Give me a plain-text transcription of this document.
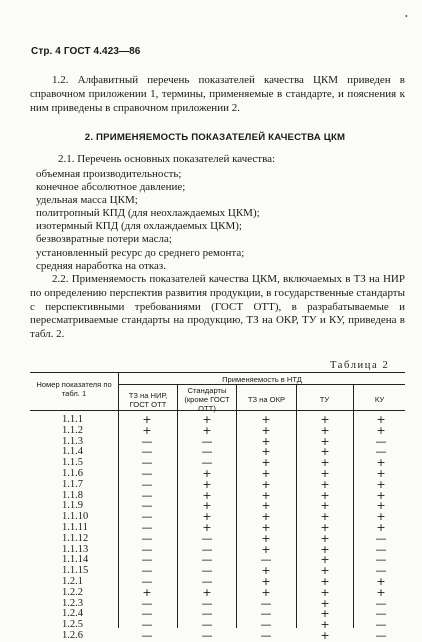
•
Стр. 4 ГОСТ 4.423—86

1.2. Алфавитный перечень показателей качества ЦКМ приведен в справочном приложении 1, термины, применяемые в стандарте, и пояснения к ним приведены в справочном приложении 2.

2. ПРИМЕНЯЕМОСТЬ ПОКАЗАТЕЛЕЙ КАЧЕСТВА ЦКМ

2.1. Перечень основных показателей качества:

объемная производительность;
конечное абсолютное давление;
удельная масса ЦКМ;
политропный КПД (для неохлаждаемых ЦКМ);
изотермный КПД (для охлаждаемых ЦКМ);
безвозвратные потери масла;
установленный ресурс до среднего ремонта;
средняя наработка на отказ.

2.2. Применяемость показателей качества ЦКМ, включаемых в ТЗ на НИР по определению перспектив развития продукции, в государственные стандарты с перспективными требованиями (ГОСТ ОТТ), в разрабатываемые и пересматриваемые стандарты на продукцию, ТЗ на ОКР, ТУ и КУ, приведена в табл. 2.

Таблица 2
Номер показателя по табл. 1
Применяемость в НТД
ТЗ на НИР, ГОСТ ОТТ
Стандарты (кроме ГОСТ ОТТ)
ТЗ на ОКР	ТУ	КУ
1.1.1
1.1.2
1.1.3
1.1.4
1.1.5
1.1.6
1.1.7
1.1.8
1.1.9
1.1.10
1.1.11
1.1.12
1.1.13
1.1.14
1.1.15
1.2.1
1.2.2
1.2.3
1.2.4
1.2.5
1.2.6
+
+
—
—
—
—
—
—
—
—
—
—
—
—
—
—
+
—
—
—
—
+
+
—
—
—
+
+
+
+
+
+
—
—
—
—
—
+
—
—
—
—
+
+
+
+
+
+
+
+
+
+
+
+
+
—
+
+
+
—
—
—
—
+
+
+
+
+
+
+
+
+
+
+
+
+
+
+
+
+
+
+
+
+
+
+
—
—
+
+
+
+
+
+
+
—
—
—
—
+
+
—
—
—
—
